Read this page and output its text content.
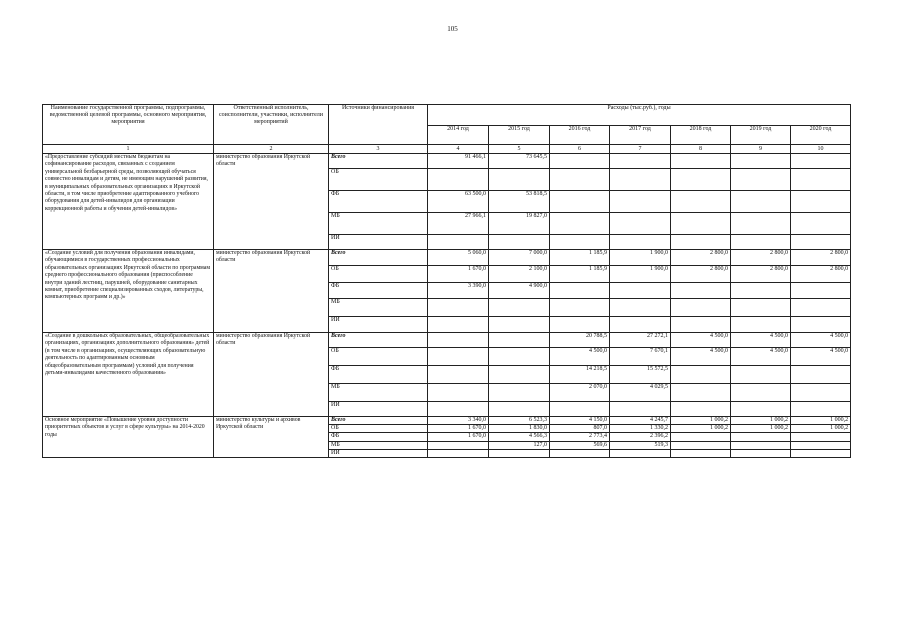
105
Наименование государственной программы, подпрограммы, ведомственной целевой программы, основного мероприятия, мероприятия	Ответственный исполнитель, соисполнители, участники, исполнители мероприятий	Источники финансирования	Расходы (тыс.руб.), годы						
			2014 год	2015 год	2016 год	2017 год	2018 год	2019 год	2020 год
1	2	3	4	5	6	7	8	9	10
«Предоставление субсидий местным бюджетам на софинансирование расходов, связанных с созданием универсальной безбарьерной среды, позволяющей обучаться совместно инвалидам и детям, не имеющим нарушений развития, в муниципальных образовательных организациях в Иркутской области, в том числе приобретение адаптированного учебного оборудования для детей-инвалидов для организации коррекционной работы и обучения детей-инвалидов»	министерство образования Иркутской области	Всего	91 466,1	73 645,5					
		ОБ							
		ФБ	63 500,0	53 818,5					
		МБ	27 966,1	19 827,0					
		ИИ							
«Создание условий для получения образования инвалидами, обучающимися в государственных профессиональных образовательных организациях Иркутской области по программам среднего профессионального образования (приспособление внутри зданий лестниц, парушней, оборудование санитарных комнат, приобретение специализированных сходов, литературы, компьютерных программ и др.)»	министерство образования Иркутской области	Всего	5 060,0	7 000,0	1 185,9	1 900,0	2 800,0	2 800,0	2 800,0
		ОБ	1 670,0	2 100,0	1 185,9	1 900,0	2 800,0	2 800,0	2 800,0
		ФБ	3 390,0	4 900,0					
		МБ							
		ИИ							
«Создание в дошкольных образовательных, общеобразовательных организациях, организациях дополнительного образования» детей (в том числе в организациях, осуществляющих образовательную деятельность по адаптированным основным общеобразовательным программам) условий для получения детьми-инвалидами качественного образования»	министерство образования Иркутской области	Всего			20 788,5	27 272,1	4 500,0	4 500,0	4 500,0
		ОБ			4 500,0	7 670,1	4 500,0	4 500,0	4 500,0
		ФБ			14 218,5	15 572,5			
		МБ			2 070,0	4 029,5			
		ИИ							
Основное мероприятие «Повышение уровня доступности приоритетных объектов и услуг в сфере культуры» на 2014-2020 годы	министерство культуры и архивов Иркутской области	Всего	3 340,0	6 523,3	4 150,0	4 245,7	1 000,2	1 000,2	1 000,2
		ОБ	1 670,0	1 830,0	807,0	1 330,2	1 000,2	1 000,2	1 000,2
		ФБ	1 670,0	4 566,3	2 773,4	2 396,2			
		МБ		127,0	569,6	519,3			
		ИИ							
